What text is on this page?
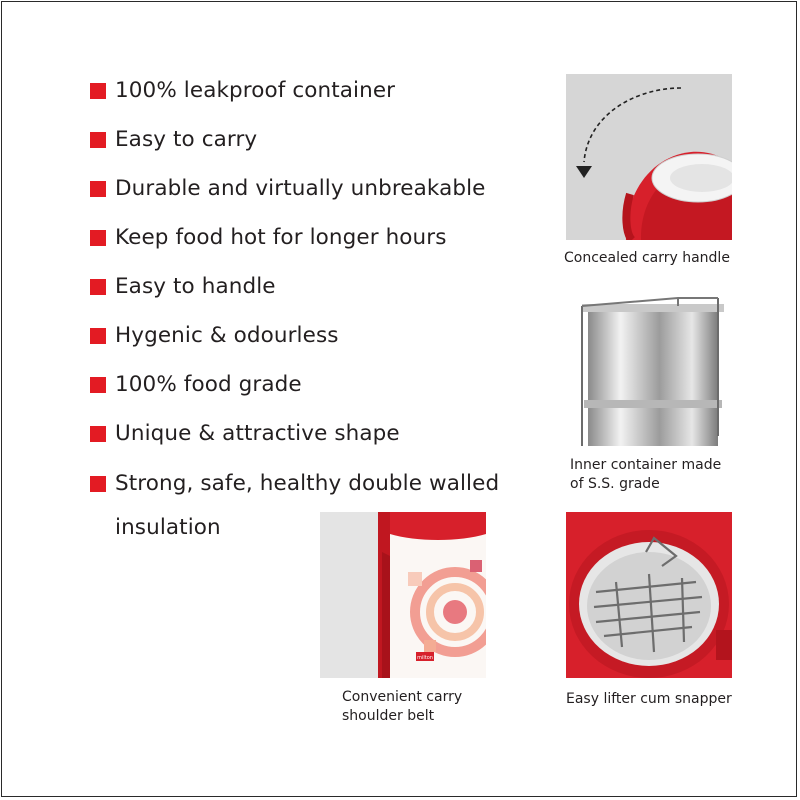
100% leakproof container
Easy to carry
Durable and virtually unbreakable
Keep food hot for longer hours
Easy to handle
Hygenic & odourless
100% food grade
Unique & attractive shape
Strong, safe, healthy double walled insulation
Concealed carry handle
Inner container made
of S.S. grade
milton
Convenient carry
shoulder belt
Easy lifter cum snapper
